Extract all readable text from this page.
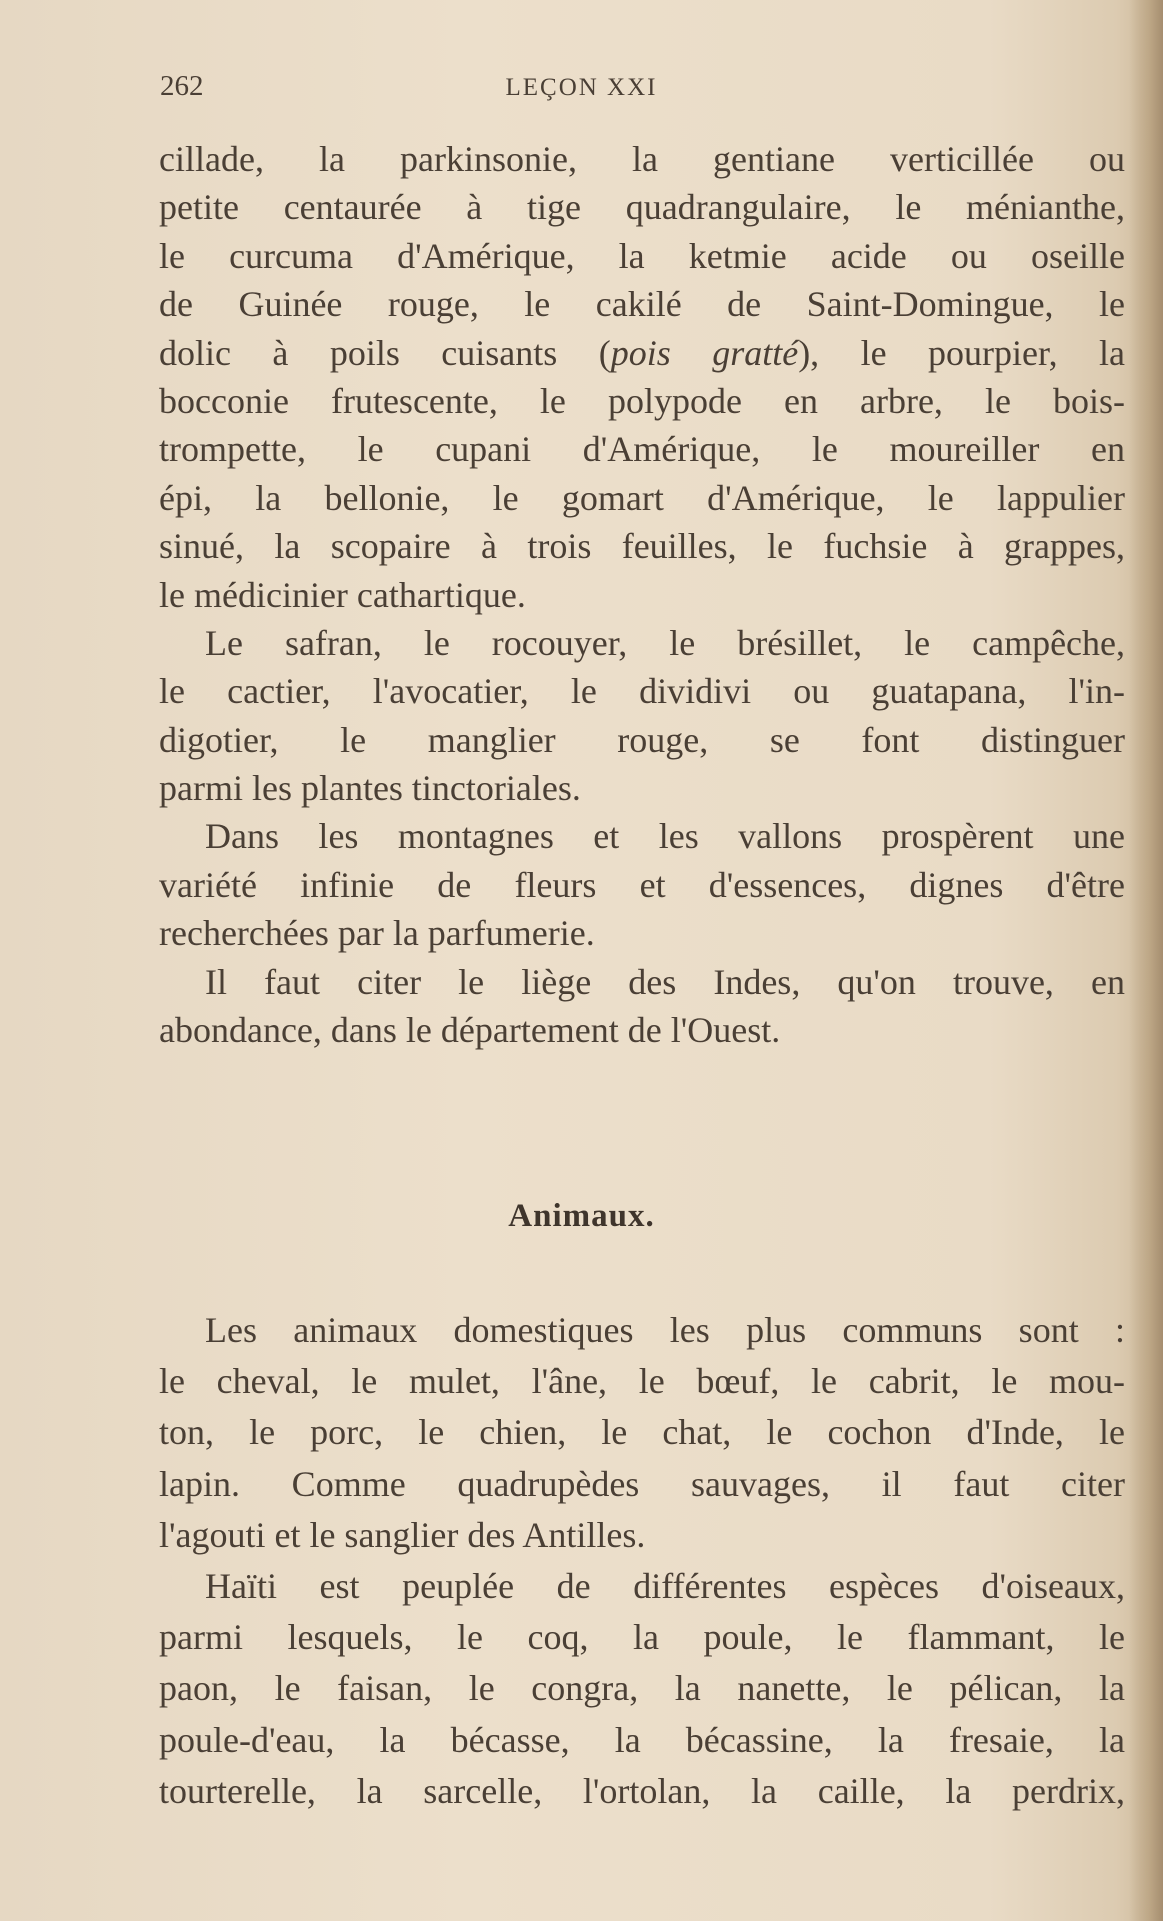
262	LEÇON XXI
cillade, la parkinsonie, la gentiane verticillée ou
petite centaurée à tige quadrangulaire, le ménianthe,
le curcuma d'Amérique, la ketmie acide ou oseille
de Guinée rouge, le cakilé de Saint-Domingue, le
dolic à poils cuisants (pois gratté), le pourpier, la
bocconie frutescente, le polypode en arbre, le bois-
trompette, le cupani d'Amérique, le moureiller en
épi, la bellonie, le gomart d'Amérique, le lappulier
sinué, la scopaire à trois feuilles, le fuchsie à grappes,
le médicinier cathartique.
Le safran, le rocouyer, le brésillet, le campêche,
le cactier, l'avocatier, le dividivi ou guatapana, l'in-
digotier, le manglier rouge, se font distinguer
parmi les plantes tinctoriales.
Dans les montagnes et les vallons prospèrent une
variété infinie de fleurs et d'essences, dignes d'être
recherchées par la parfumerie.
Il faut citer le liège des Indes, qu'on trouve, en
abondance, dans le département de l'Ouest.
Animaux.
Les animaux domestiques les plus communs sont :
le cheval, le mulet, l'âne, le bœuf, le cabrit, le mou-
ton, le porc, le chien, le chat, le cochon d'Inde, le
lapin. Comme quadrupèdes sauvages, il faut citer
l'agouti et le sanglier des Antilles.
Haïti est peuplée de différentes espèces d'oiseaux,
parmi lesquels, le coq, la poule, le flammant, le
paon, le faisan, le congra, la nanette, le pélican, la
poule-d'eau, la bécasse, la bécassine, la fresaie, la
tourterelle, la sarcelle, l'ortolan, la caille, la perdrix,
